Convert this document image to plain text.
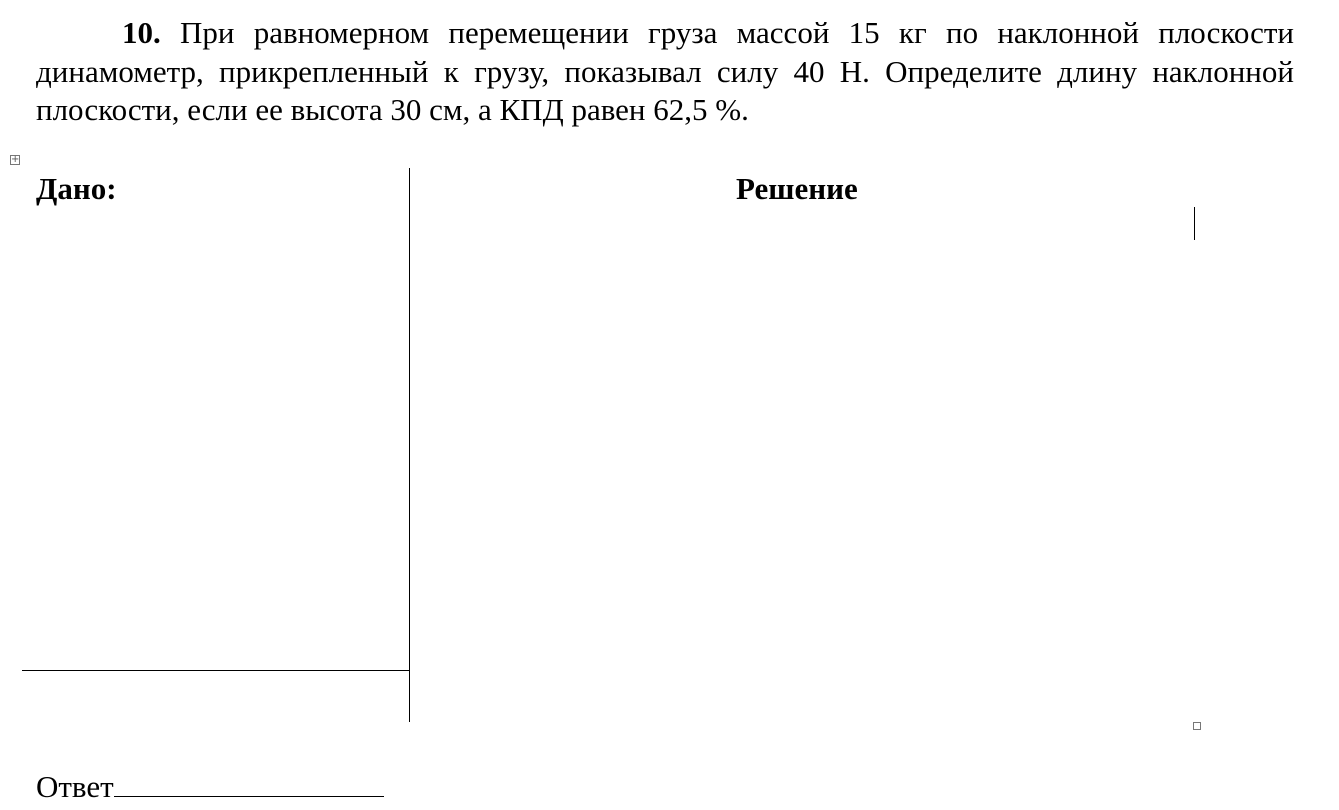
10. При равномерном перемещении груза массой 15 кг по наклонной плоскости динамометр, прикрепленный к грузу, показывал силу 40 Н. Определите длину наклонной плоскости, если ее высота 30 см, а КПД равен 62,5 %.

+
Дано:	Решение
Ответ
